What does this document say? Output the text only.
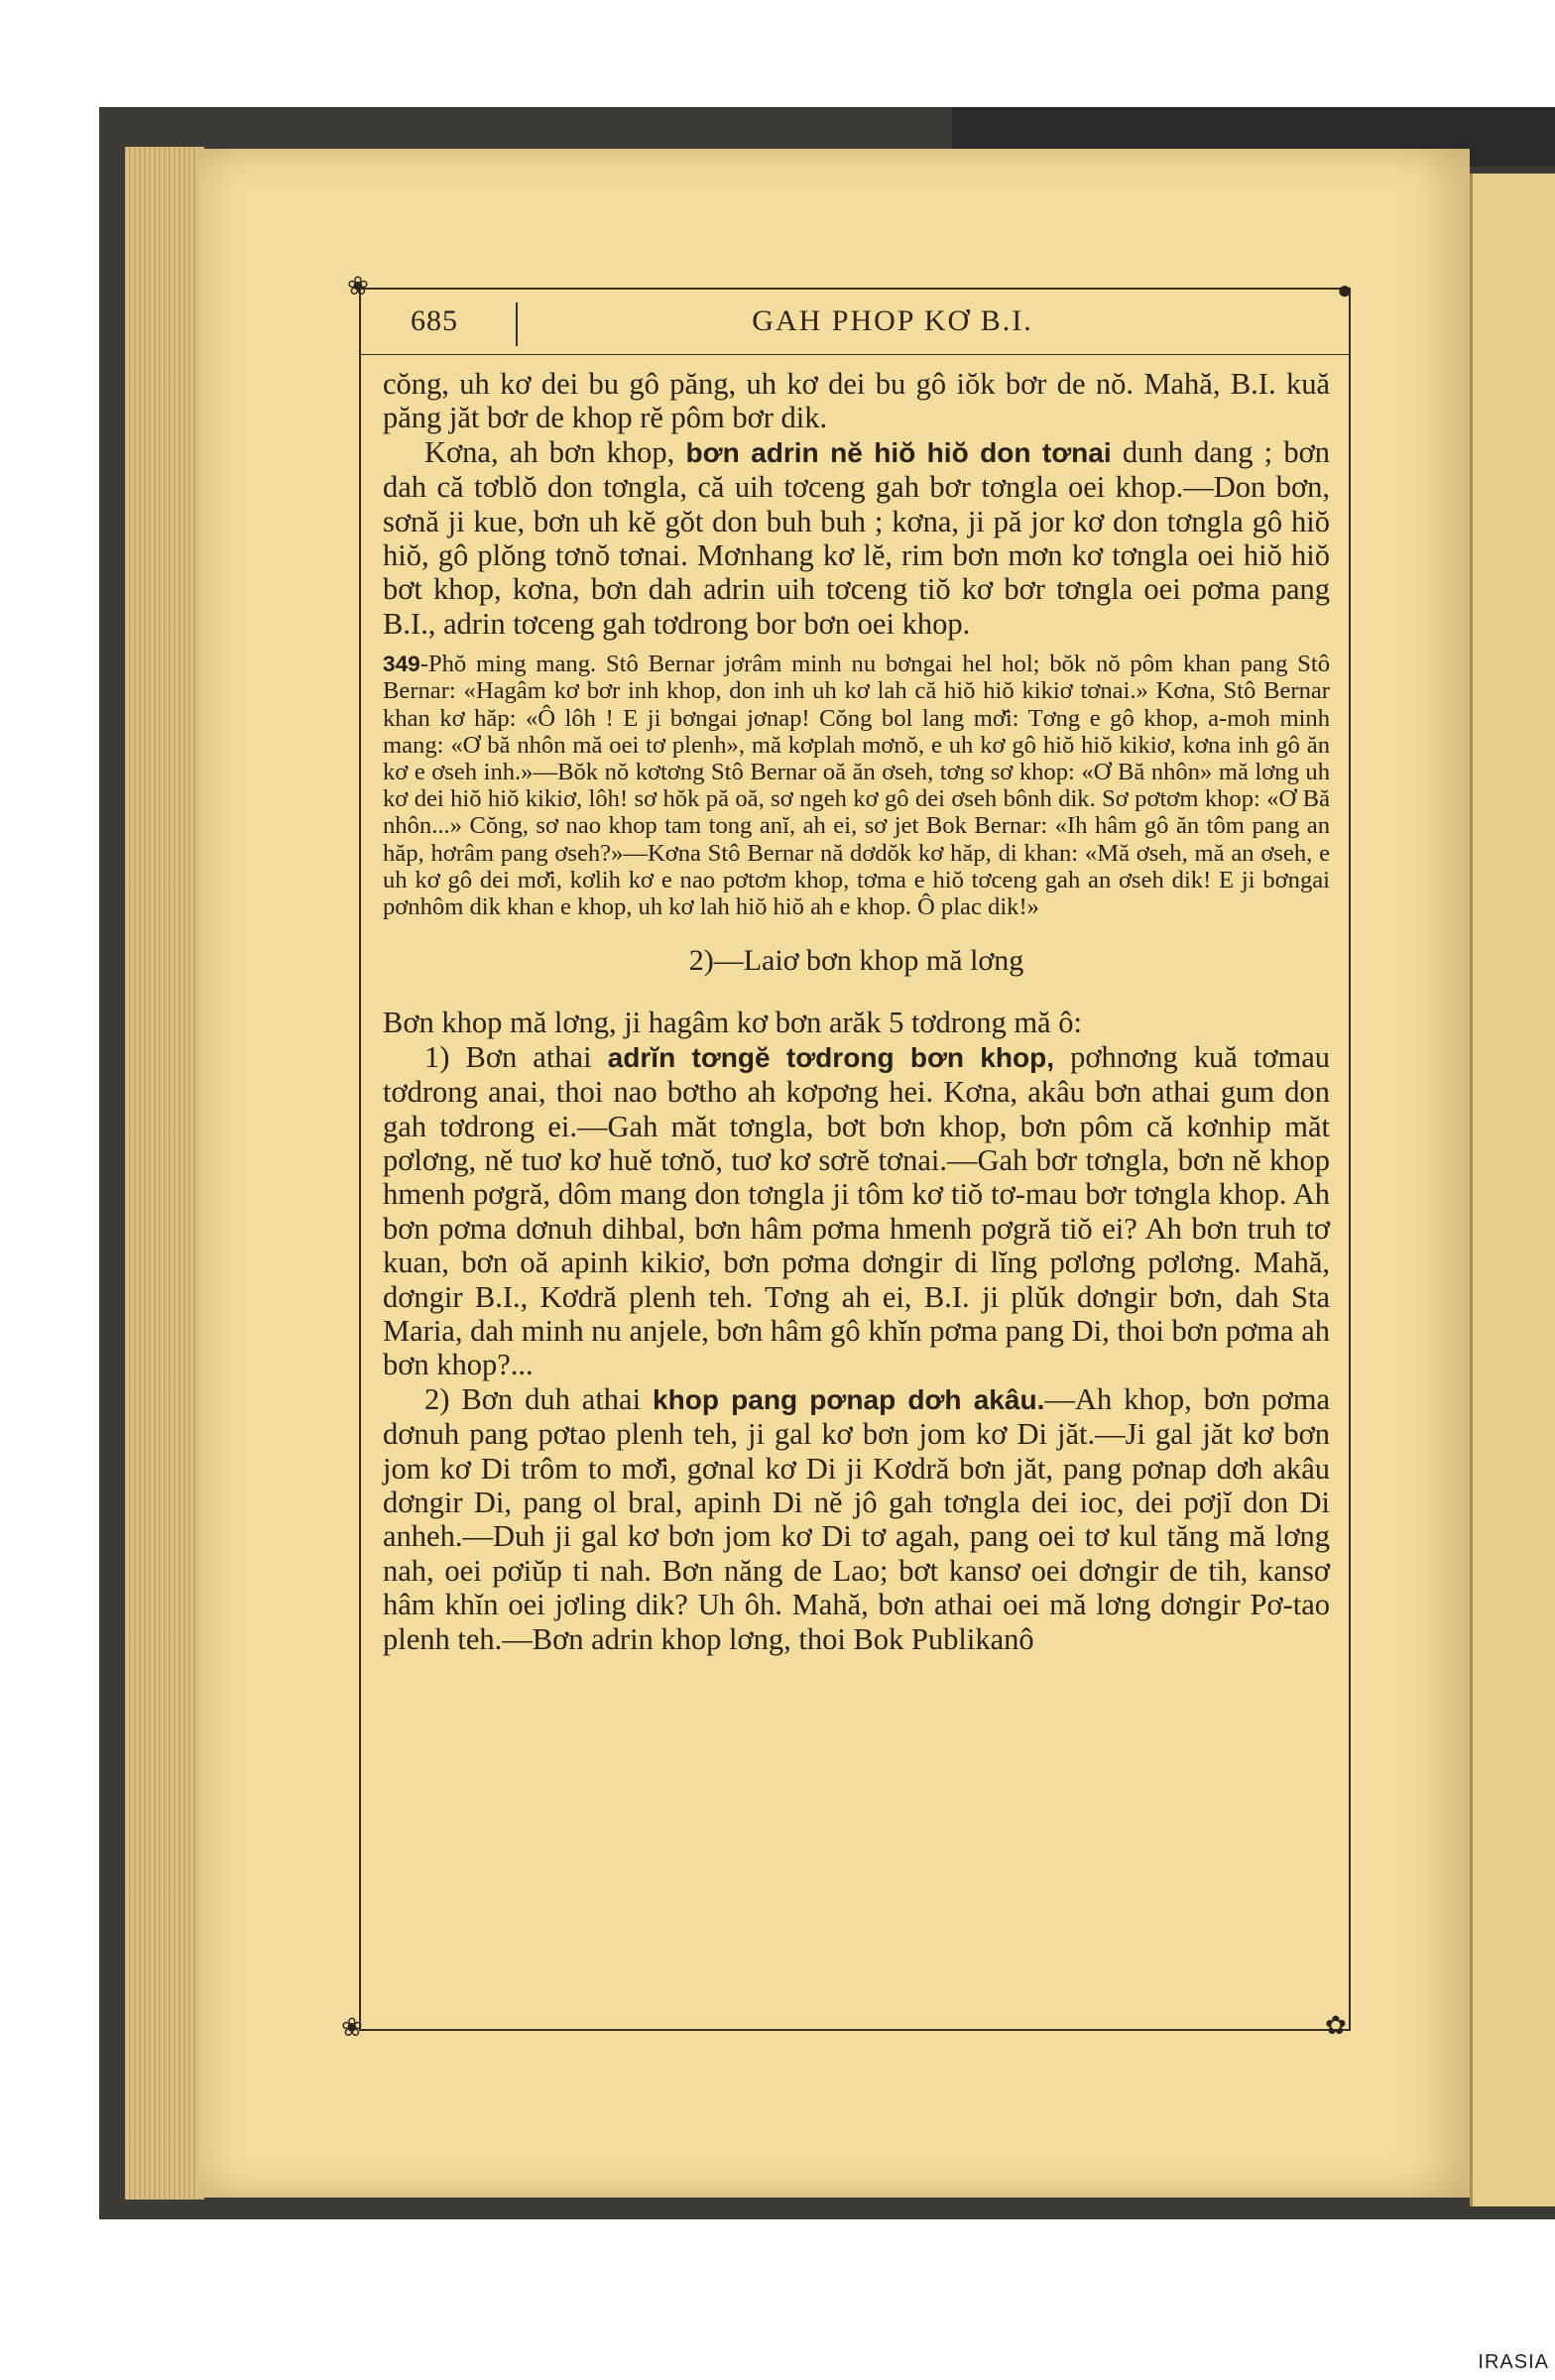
❀	●
❀	✿
685	GAH PHOP KƠ B.I.

cŏng, uh kơ dei bu gô păng, uh kơ dei bu gô iŏk bơr de nŏ. Mahă, B.I. kuă păng jăt bơr de khop rĕ pôm bơr dik.

Kơna, ah bơn khop, bơn adrin nĕ hiŏ hiŏ don tơnai dunh dang ; bơn dah că tơblŏ don tơngla, că uih tơceng gah bơr tơngla oei khop.—Don bơn, sơnă ji kue, bơn uh kĕ gŏt don buh buh ; kơna, ji pă jor kơ don tơngla gô hiŏ hiŏ, gô plŏng tơnŏ tơnai. Mơnhang kơ lĕ, rim bơn mơn kơ tơngla oei hiŏ hiŏ bơt khop, kơna, bơn dah adrin uih tơceng tiŏ kơ bơr tơngla oei pơma pang B.I., adrin tơceng gah tơdrong bor bơn oei khop.

349-Phŏ ming mang. Stô Bernar jơrâm minh nu bơngai hel hol; bŏk nŏ pôm khan pang Stô Bernar: «Hagâm kơ bơr inh khop, don inh uh kơ lah că hiŏ hiŏ kikiơ tơnai.» Kơna, Stô Bernar khan kơ hăp: «Ô lôh ! E ji bơngai jơnap! Cŏng bol lang mơ̆i: Tơng e gô khop, a-moh minh mang: «Ơ bă nhôn mă oei tơ plenh», mă kơplah mơnŏ, e uh kơ gô hiŏ hiŏ kikiơ, kơna inh gô ăn kơ e ơseh inh.»—Bŏk nŏ kơtơng Stô Bernar oă ăn ơseh, tơng sơ khop: «Ơ Bă nhôn» mă lơng uh kơ dei hiŏ hiŏ kikiơ, lôh! sơ hŏk pă oă, sơ ngeh kơ gô dei ơseh bônh dik. Sơ pơtơm khop: «Ơ Bă nhôn...» Cŏng, sơ nao khop tam tong anĭ, ah ei, sơ jet Bok Bernar: «Ih hâm gô ăn tôm pang an hăp, hơrâm pang ơseh?»—Kơna Stô Bernar nă dơdŏk kơ hăp, di khan: «Mă ơseh, mă an ơseh, e uh kơ gô dei mơ̆i, kơlih kơ e nao pơtơm khop, tơma e hiŏ tơceng gah an ơseh dik! E ji bơngai pơnhôm dik khan e khop, uh kơ lah hiŏ hiŏ ah e khop. Ô plac dik!»

2)—Laiơ bơn khop mă lơng

Bơn khop mă lơng, ji hagâm kơ bơn arăk 5 tơdrong mă ô:

1) Bơn athai adrĭn tơngĕ tơdrong bơn khop, pơhnơng kuă tơmau tơdrong anai, thoi nao bơtho ah kơpơng hei. Kơna, akâu bơn athai gum don gah tơdrong ei.—Gah măt tơngla, bơt bơn khop, bơn pôm că kơnhip măt pơlơng, nĕ tuơ kơ huĕ tơnŏ, tuơ kơ sơrĕ tơnai.—Gah bơr tơngla, bơn nĕ khop hmenh pơgră, dôm mang don tơngla ji tôm kơ tiŏ tơ-mau bơr tơngla khop. Ah bơn pơma dơnuh dihbal, bơn hâm pơma hmenh pơgră tiŏ ei? Ah bơn truh tơ kuan, bơn oă apinh kikiơ, bơn pơma dơngir di lĭng pơlơng pơlơng. Mahă, dơngir B.I., Kơdră plenh teh. Tơng ah ei, B.I. ji plŭk dơngir bơn, dah Sta Maria, dah minh nu anjele, bơn hâm gô khĭn pơma pang Di, thoi bơn pơma ah bơn khop?...

2) Bơn duh athai khop pang pơnap dơh akâu.—Ah khop, bơn pơma dơnuh pang pơtao plenh teh, ji gal kơ bơn jom kơ Di jăt.—Ji gal jăt kơ bơn jom kơ Di trôm to mơ̆i, gơnal kơ Di ji Kơdră bơn jăt, pang pơnap dơh akâu dơngir Di, pang ol bral, apinh Di nĕ jô gah tơngla dei ioc, dei pơjĭ don Di anheh.—Duh ji gal kơ bơn jom kơ Di tơ agah, pang oei tơ kul tăng mă lơng nah, oei pơiŭp ti nah. Bơn năng de Lao; bơt kansơ oei dơngir de tih, kansơ hâm khĭn oei jơling dik? Uh ôh. Mahă, bơn athai oei mă lơng dơngir Pơ-tao plenh teh.—Bơn adrin khop lơng, thoi Bok Publikanô

IRASIA
